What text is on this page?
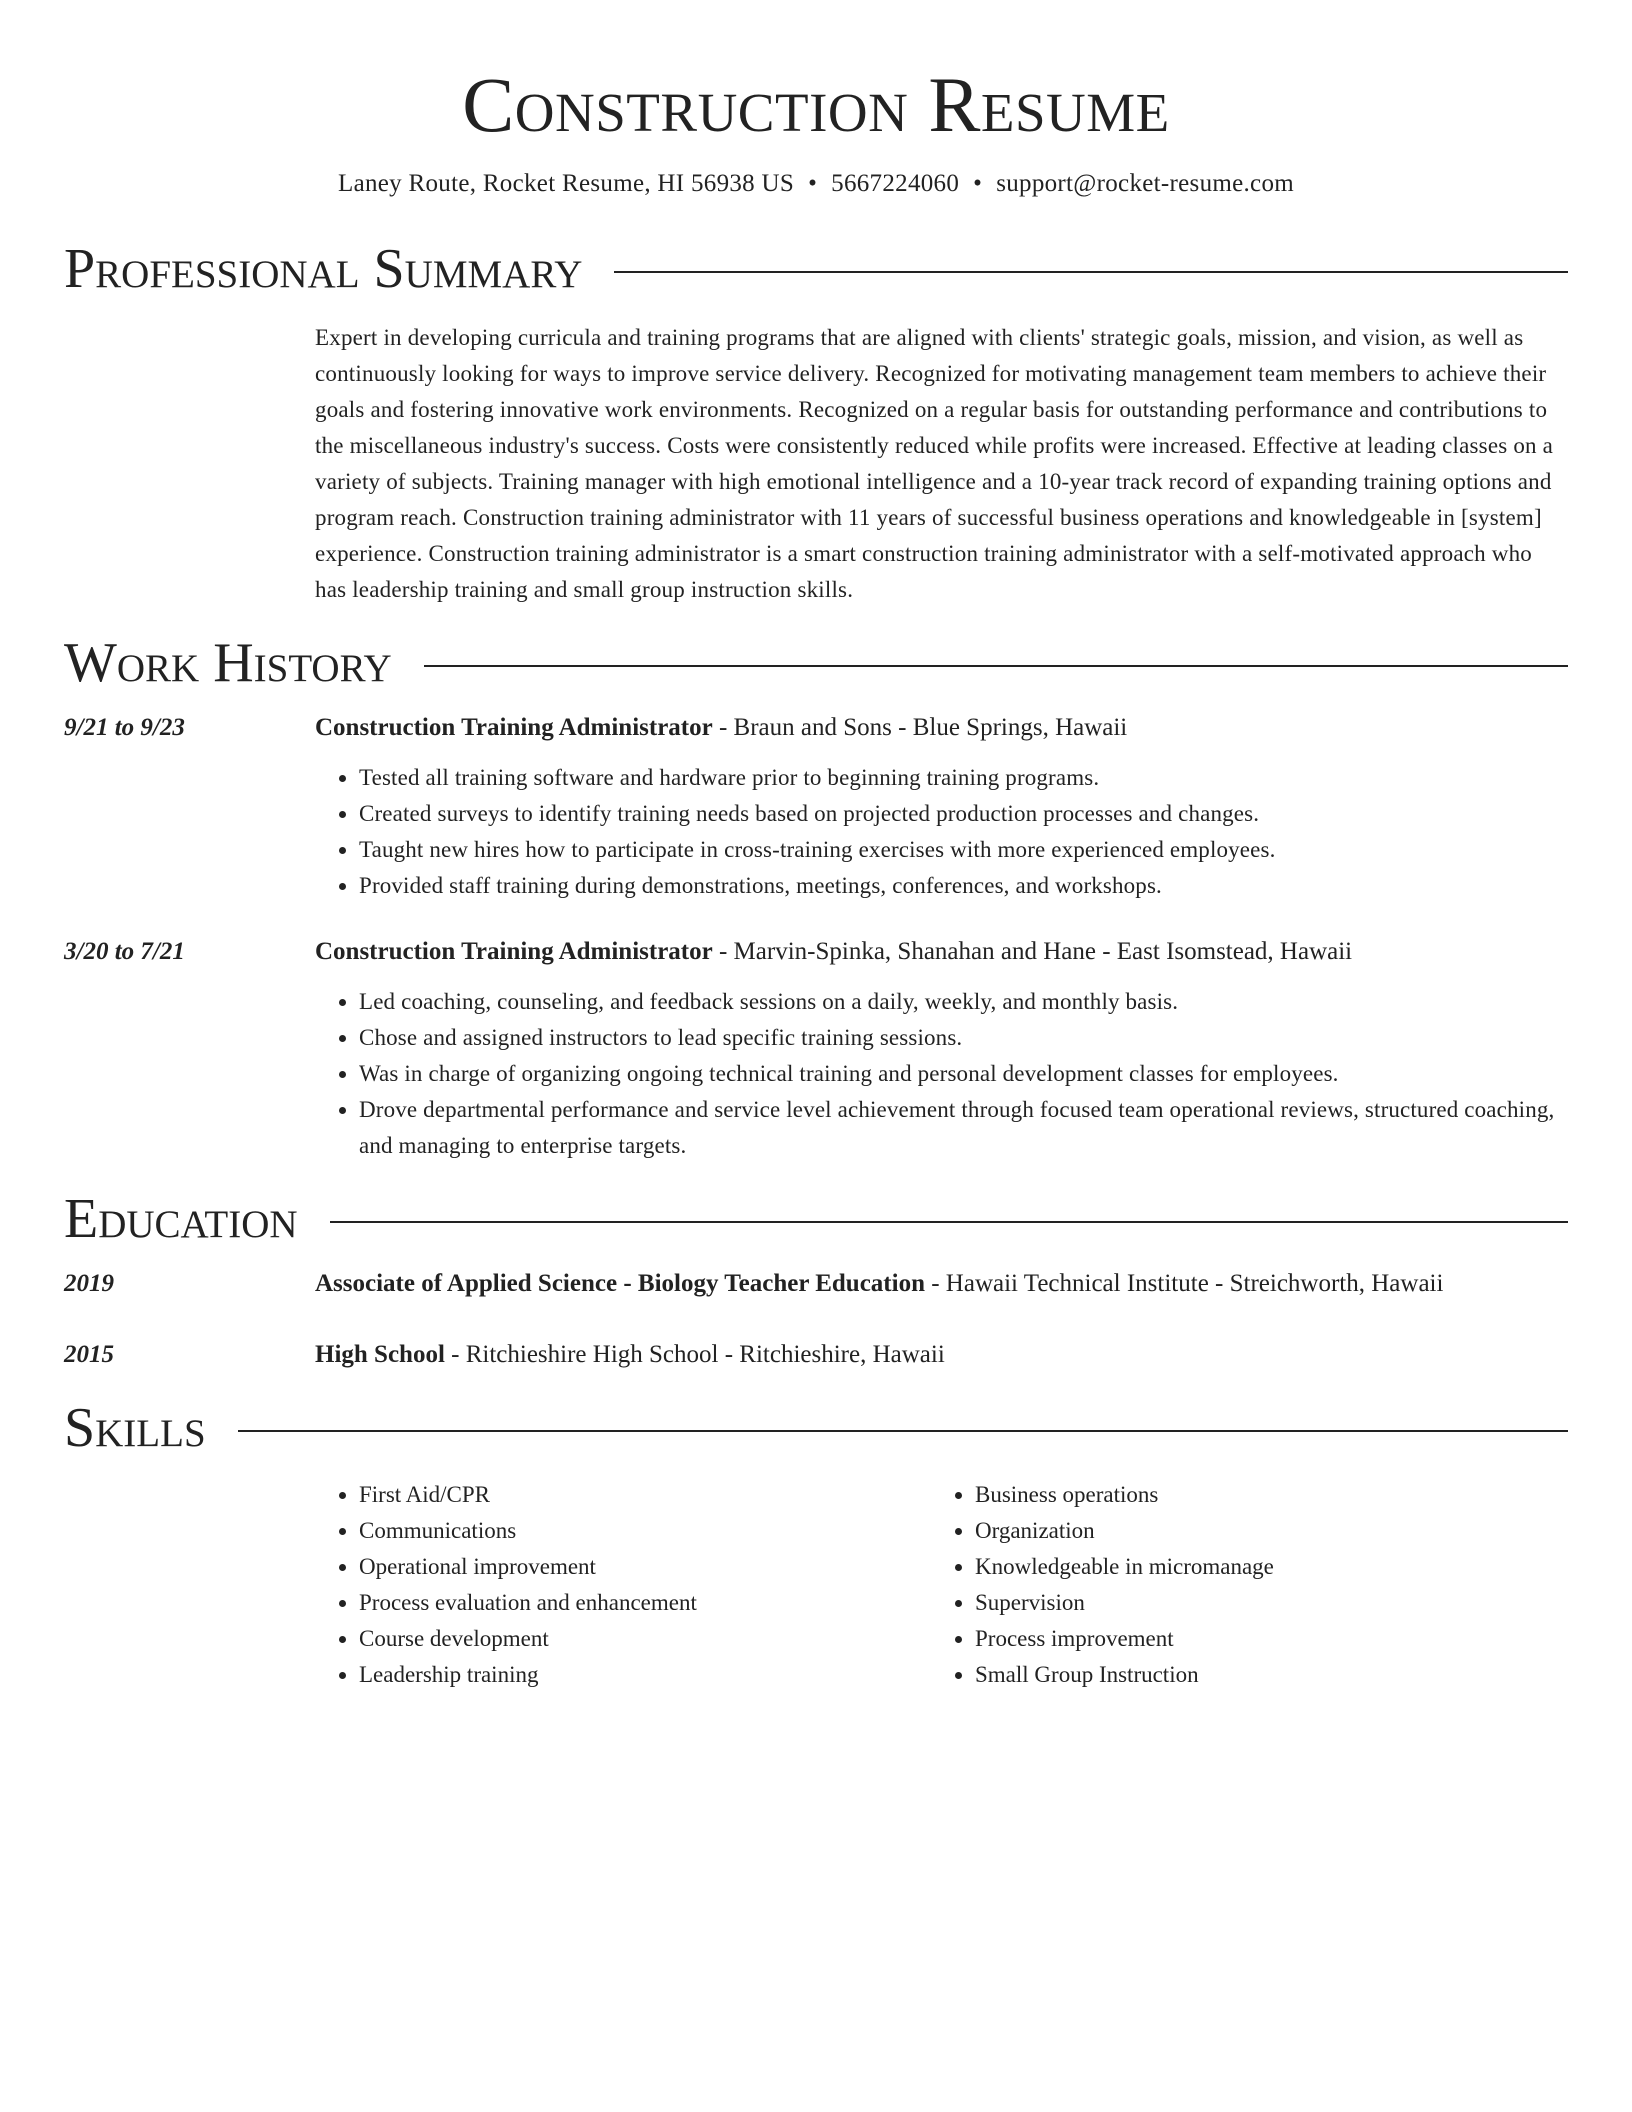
Construction Resume
Laney Route, Rocket Resume, HI 56938 US • 5667224060 • support@rocket-resume.com
Professional Summary
Expert in developing curricula and training programs that are aligned with clients' strategic goals, mission, and vision, as well as continuously looking for ways to improve service delivery. Recognized for motivating management team members to achieve their goals and fostering innovative work environments. Recognized on a regular basis for outstanding performance and contributions to the miscellaneous industry's success. Costs were consistently reduced while profits were increased. Effective at leading classes on a variety of subjects. Training manager with high emotional intelligence and a 10-year track record of expanding training options and program reach. Construction training administrator with 11 years of successful business operations and knowledgeable in [system] experience. Construction training administrator is a smart construction training administrator with a self-motivated approach who has leadership training and small group instruction skills.
Work History
9/21 to 9/23	Construction Training Administrator - Braun and Sons - Blue Springs, Hawaii
• Tested all training software and hardware prior to beginning training programs.
• Created surveys to identify training needs based on projected production processes and changes.
• Taught new hires how to participate in cross-training exercises with more experienced employees.
• Provided staff training during demonstrations, meetings, conferences, and workshops.
3/20 to 7/21	Construction Training Administrator - Marvin-Spinka, Shanahan and Hane - East Isomstead, Hawaii
• Led coaching, counseling, and feedback sessions on a daily, weekly, and monthly basis.
• Chose and assigned instructors to lead specific training sessions.
• Was in charge of organizing ongoing technical training and personal development classes for employees.
• Drove departmental performance and service level achievement through focused team operational reviews, structured coaching, and managing to enterprise targets.
Education
2019	Associate of Applied Science - Biology Teacher Education - Hawaii Technical Institute - Streichworth, Hawaii
2015	High School - Ritchieshire High School - Ritchieshire, Hawaii
Skills
• First Aid/CPR
• Communications
• Operational improvement
• Process evaluation and enhancement
• Course development
• Leadership training
• Business operations
• Organization
• Knowledgeable in micromanage
• Supervision
• Process improvement
• Small Group Instruction
